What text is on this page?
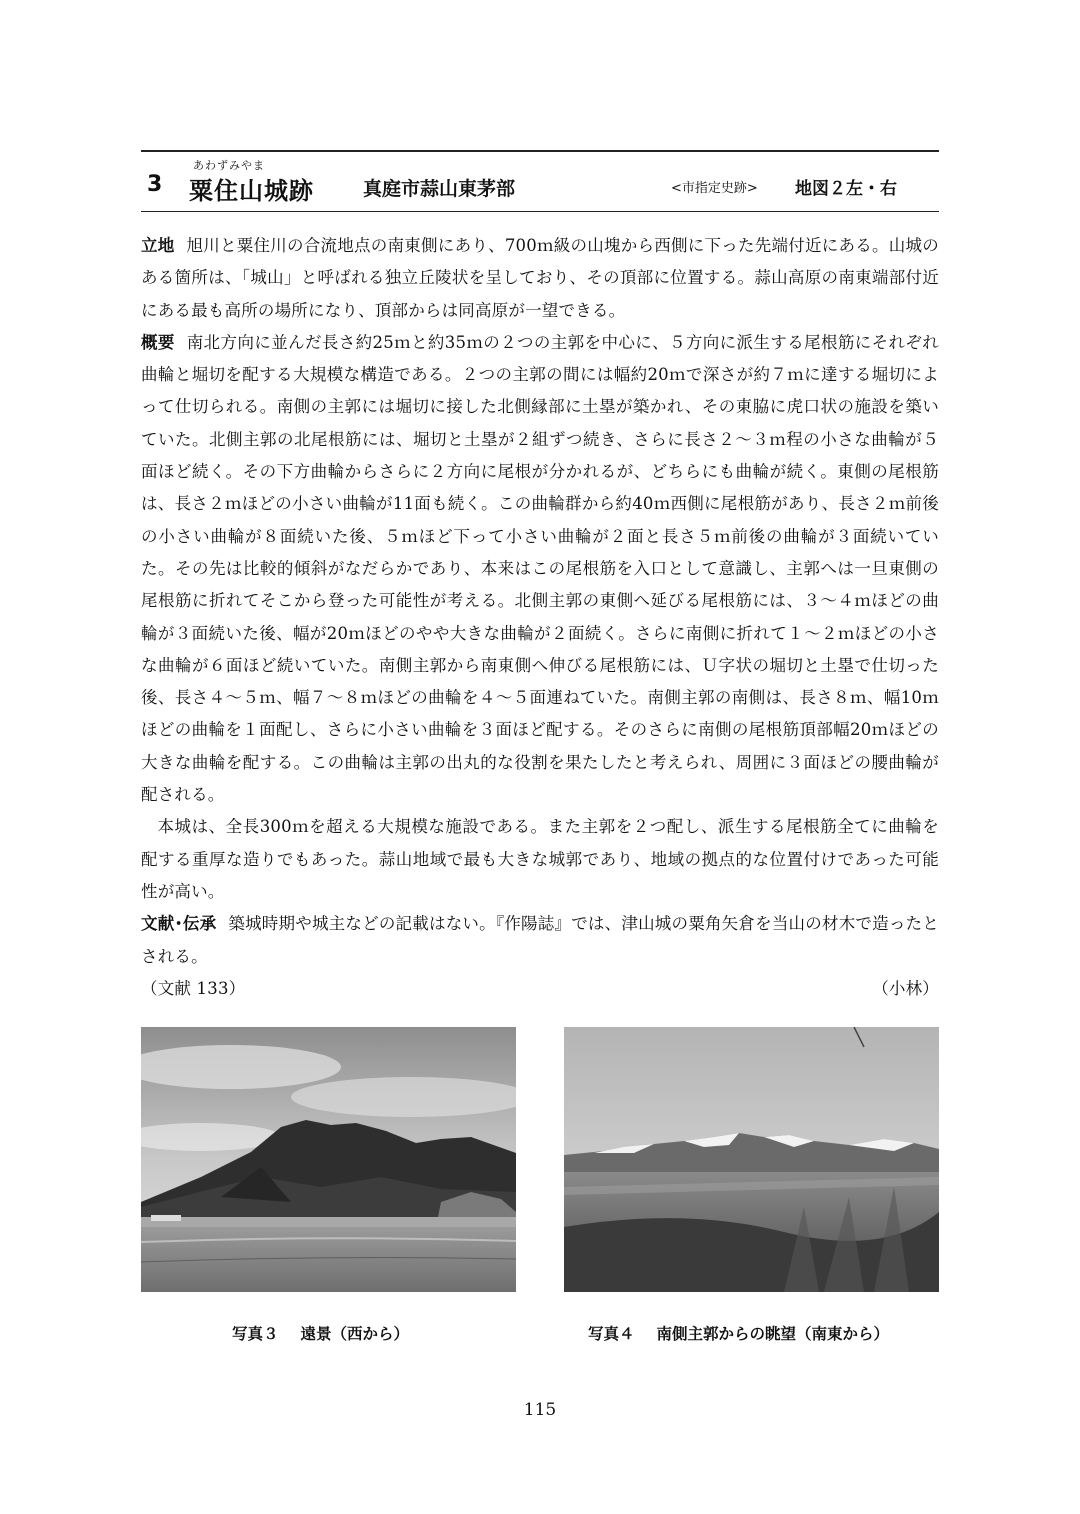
3
あわずみやま
粟住山城跡	真庭市蒜山東茅部	<市指定史跡> 地図２左・右

立地 旭川と粟住川の合流地点の南東側にあり、700ｍ級の山塊から西側に下った先端付近にある。山城のある箇所は、「城山」と呼ばれる独立丘陵状を呈しており、その頂部に位置する。蒜山高原の南東端部付近にある最も高所の場所になり、頂部からは同高原が一望できる。

概要 南北方向に並んだ長さ約25ｍと約35ｍの２つの主郭を中心に、５方向に派生する尾根筋にそれぞれ曲輪と堀切を配する大規模な構造である。２つの主郭の間には幅約20ｍで深さが約７ｍに達する堀切によって仕切られる。南側の主郭には堀切に接した北側縁部に土塁が築かれ、その東脇に虎口状の施設を築いていた。北側主郭の北尾根筋には、堀切と土塁が２組ずつ続き、さらに長さ２～３ｍ程の小さな曲輪が５面ほど続く。その下方曲輪からさらに２方向に尾根が分かれるが、どちらにも曲輪が続く。東側の尾根筋は、長さ２ｍほどの小さい曲輪が11面も続く。この曲輪群から約40ｍ西側に尾根筋があり、長さ２ｍ前後の小さい曲輪が８面続いた後、５ｍほど下って小さい曲輪が２面と長さ５ｍ前後の曲輪が３面続いていた。その先は比較的傾斜がなだらかであり、本来はこの尾根筋を入口として意識し、主郭へは一旦東側の尾根筋に折れてそこから登った可能性が考える。北側主郭の東側へ延びる尾根筋には、３～４ｍほどの曲輪が３面続いた後、幅が20ｍほどのやや大きな曲輪が２面続く。さらに南側に折れて１～２ｍほどの小さな曲輪が６面ほど続いていた。南側主郭から南東側へ伸びる尾根筋には、Ｕ字状の堀切と土塁で仕切った後、長さ４～５ｍ、幅７～８ｍほどの曲輪を４～５面連ねていた。南側主郭の南側は、長さ８ｍ、幅10ｍほどの曲輪を１面配し、さらに小さい曲輪を３面ほど配する。そのさらに南側の尾根筋頂部幅20ｍほどの大きな曲輪を配する。この曲輪は主郭の出丸的な役割を果たしたと考えられ、周囲に３面ほどの腰曲輪が配される。

本城は、全長300ｍを超える大規模な施設である。また主郭を２つ配し、派生する尾根筋全てに曲輪を配する重厚な造りでもあった。蒜山地域で最も大きな城郭であり、地域の拠点的な位置付けであった可能性が高い。

文献･伝承 築城時期や城主などの記載はない。『作陽誌』では、津山城の粟角矢倉を当山の材木で造ったとされる。

（文献 133）	（小林）
写真３ 遠景（西から）	写真４ 南側主郭からの眺望（南東から）
115
